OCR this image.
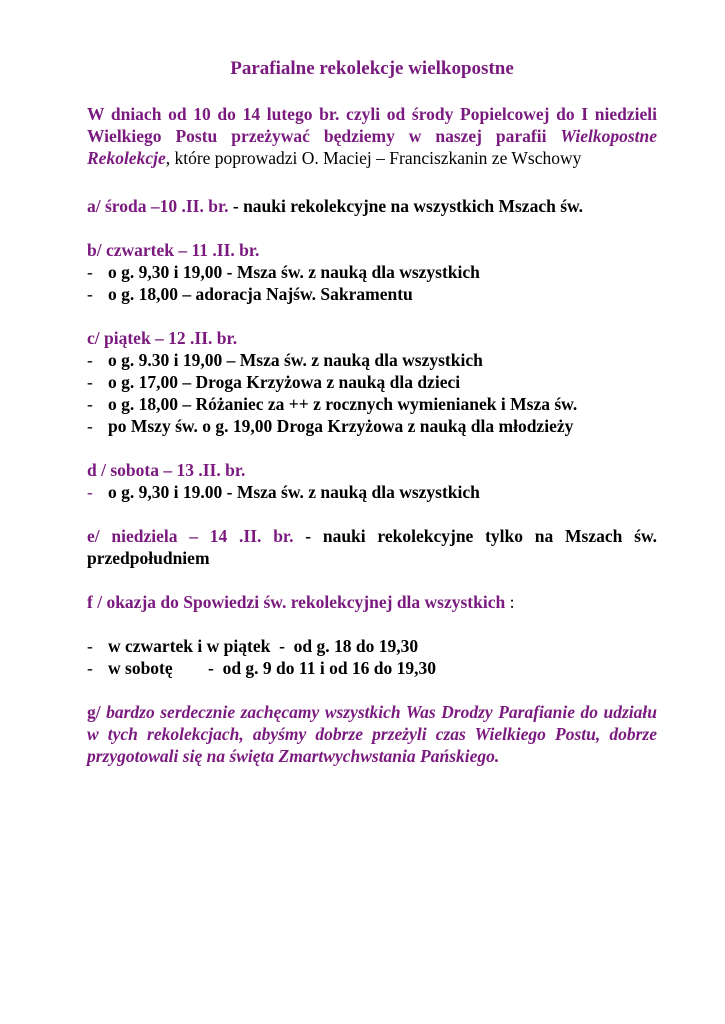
Parafialne rekolekcje wielkopostne

W dniach od 10 do 14 lutego br. czyli od środy Popielcowej do I niedzieli Wielkiego Postu przeżywać będziemy w naszej parafii Wielkopostne Rekolekcje, które poprowadzi O. Maciej – Franciszkanin ze Wschowy

a/ środa –10 .II. br. - nauki rekolekcyjne na wszystkich Mszach św.
b/ czwartek – 11 .II. br.
- o g. 9,30 i 19,00 - Msza św. z nauką dla wszystkich
- o g. 18,00 – adoracja Najśw. Sakramentu
c/ piątek – 12 .II. br.
- o g. 9.30 i 19,00 – Msza św. z nauką dla wszystkich
- o g. 17,00 – Droga Krzyżowa z nauką dla dzieci
- o g. 18,00 – Różaniec za ++ z rocznych wymienianek i Msza św.
- po Mszy św. o g. 19,00 Droga Krzyżowa z nauką dla młodzieży
d / sobota – 13 .II. br.
- o g. 9,30 i 19.00 - Msza św. z nauką dla wszystkich
e/ niedziela – 14 .II. br. - nauki rekolekcyjne tylko na Mszach św. przedpołudniem
f / okazja do Spowiedzi św. rekolekcyjnej dla wszystkich :
- w czwartek i w piątek  -  od g. 18 do 19,30
- w sobotę -  od g. 9 do 11 i od 16 do 19,30

g/ bardzo serdecznie zachęcamy wszystkich Was Drodzy Parafianie do udziału w tych rekolekcjach, abyśmy dobrze przeżyli czas Wielkiego Postu, dobrze przygotowali się na święta Zmartwychwstania Pańskiego.
